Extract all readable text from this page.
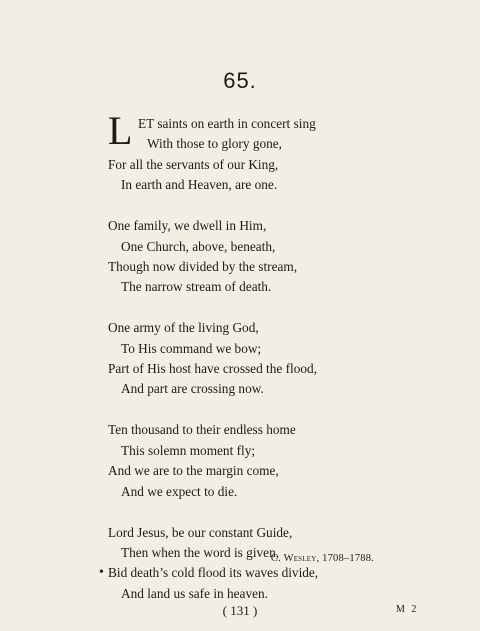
65.
L ET saints on earth in concert sing
With those to glory gone,
For all the servants of our King,
In earth and Heaven, are one.
One family, we dwell in Him,
One Church, above, beneath,
Though now divided by the stream,
The narrow stream of death.
One army of the living God,
To His command we bow;
Part of His host have crossed the flood,
And part are crossing now.
Ten thousand to their endless home
This solemn moment fly;
And we are to the margin come,
And we expect to die.
Lord Jesus, be our constant Guide,
Then when the word is given,
• Bid death’s cold flood its waves divide,
And land us safe in heaven.
C. Wesley, 1708–1788.
( 131 )	M 2
